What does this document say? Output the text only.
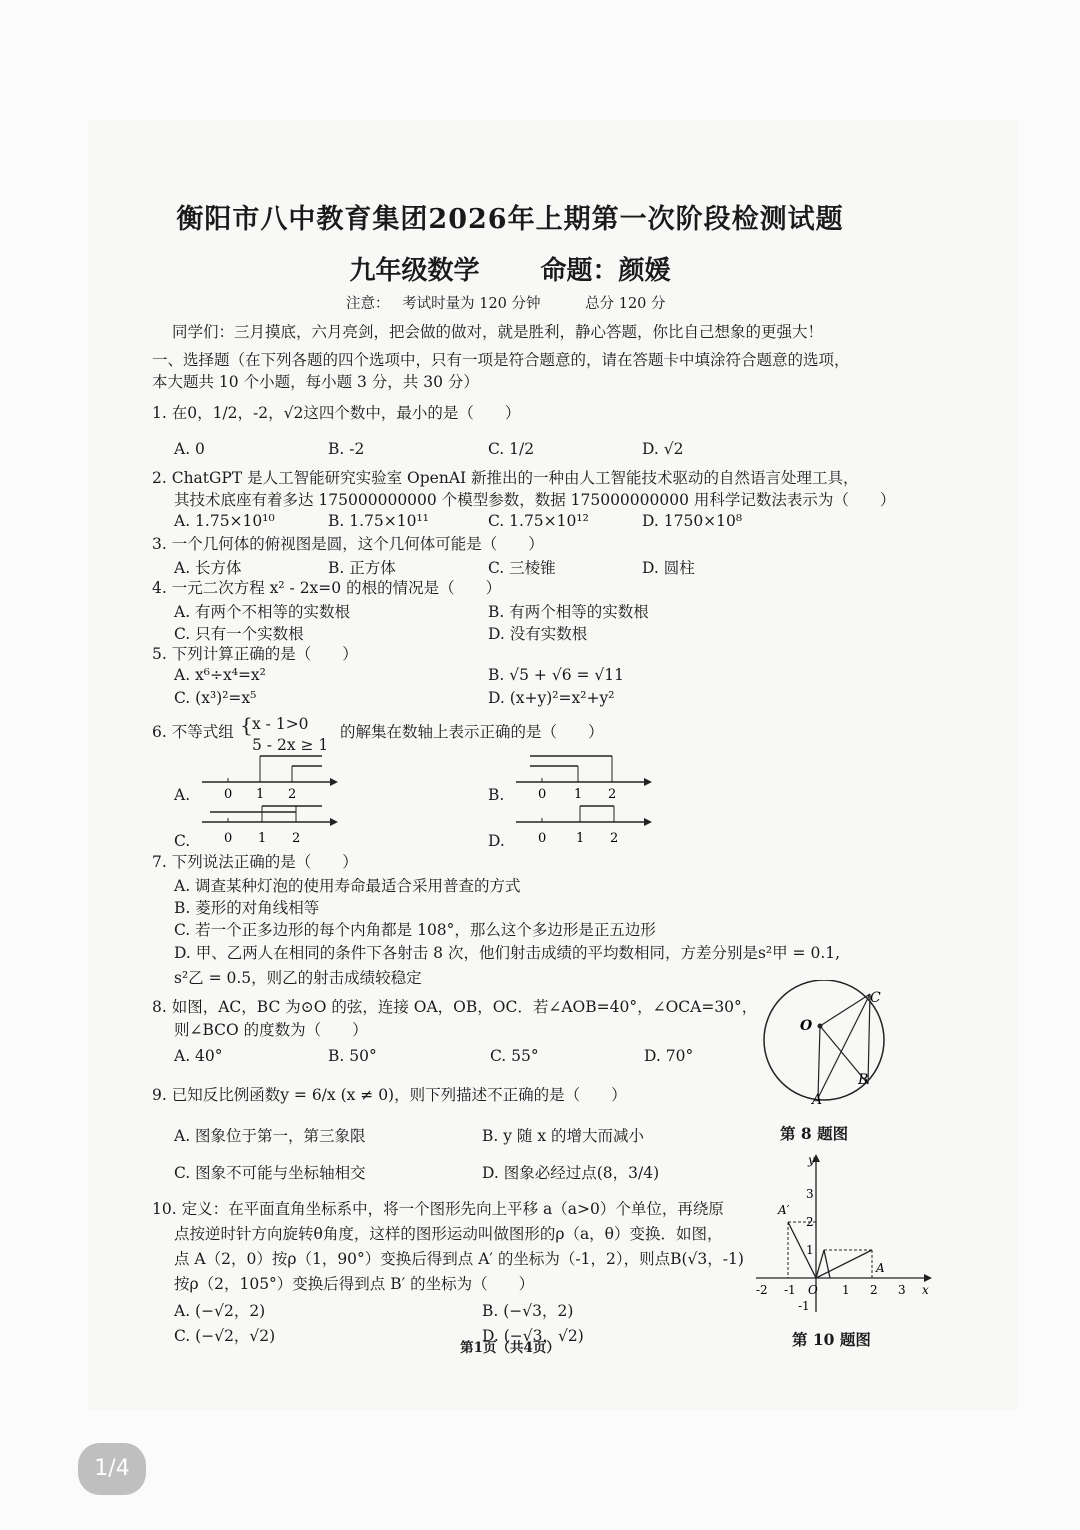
衡阳市八中教育集团2026年上期第一次阶段检测试题
九年级数学 命题：颜媛
注意： 考试时量为 120 分钟	总分 120 分
同学们：三月摸底，六月亮剑，把会做的做对，就是胜利，静心答题，你比自己想象的更强大！
一、选择题（在下列各题的四个选项中，只有一项是符合题意的，请在答题卡中填涂符合题意的选项，
本大题共 10 个小题，每小题 3 分，共 30 分）
1. 在0，1/2，-2，√2这四个数中，最小的是（　　）
A. 0	B. -2	C. 1/2	D. √2
2. ChatGPT 是人工智能研究实验室 OpenAI 新推出的一种由人工智能技术驱动的自然语言处理工具，
其技术底座有着多达 175000000000 个模型参数，数据 175000000000 用科学记数法表示为（　　）
A. 1.75×10¹⁰	B. 1.75×10¹¹	C. 1.75×10¹²	D. 1750×10⁸
3. 一个几何体的俯视图是圆，这个几何体可能是（　　）
A. 长方体	B. 正方体	C. 三棱锥	D. 圆柱
4. 一元二次方程 x² - 2x=0 的根的情况是（　　）
A. 有两个不相等的实数根	B. 有两个相等的实数根
C. 只有一个实数根	D. 没有实数根
5. 下列计算正确的是（　　）
A. x⁶÷x⁴=x²	B. √5 + √6 = √11
C. (x³)²=x⁵	D. (x+y)²=x²+y²
6. 不等式组 { x - 1>0
5 - 2x ≥ 1
的解集在数轴上表示正确的是（　　）
A.	B.
C.	D.
0 1 2	0 1 2
0 1 2	0 1 2
7. 下列说法正确的是（　　）
A. 调查某种灯泡的使用寿命最适合采用普查的方式
B. 菱形的对角线相等
C. 若一个正多边形的每个内角都是 108°，那么这个多边形是正五边形
D. 甲、乙两人在相同的条件下各射击 8 次，他们射击成绩的平均数相同，方差分别是s²甲 = 0.1,
s²乙 = 0.5，则乙的射击成绩较稳定
8. 如图，AC，BC 为⊙O 的弦，连接 OA，OB，OC．若∠AOB=40°，∠OCA=30°，
则∠BCO 的度数为（　　）
A. 40°	B. 50°	C. 55°	D. 70°
O
C
B
A
第 8 题图
9. 已知反比例函数y = 6/x (x ≠ 0)，则下列描述不正确的是（　　）
A. 图象位于第一，第三象限	B. y 随 x 的增大而减小
C. 图象不可能与坐标轴相交	D. 图象必经过点(8，3/4)
10. 定义：在平面直角坐标系中，将一个图形先向上平移 a（a>0）个单位，再绕原
点按逆时针方向旋转θ角度，这样的图形运动叫做图形的ρ（a，θ）变换．如图，
点 A（2，0）按ρ（1，90°）变换后得到点 A′ 的坐标为（-1，2），则点B(√3，-1)
按ρ（2，105°）变换后得到点 B′ 的坐标为（　　）
A. (−√2，2)	B. (−√3，2)
C. (−√2，√2)	D. (−√3，√2)
y
x
-2 -1 O 1 2 3
3
2
1
-1
A′
A
第 10 题图
第1页（共4页）
1/4
